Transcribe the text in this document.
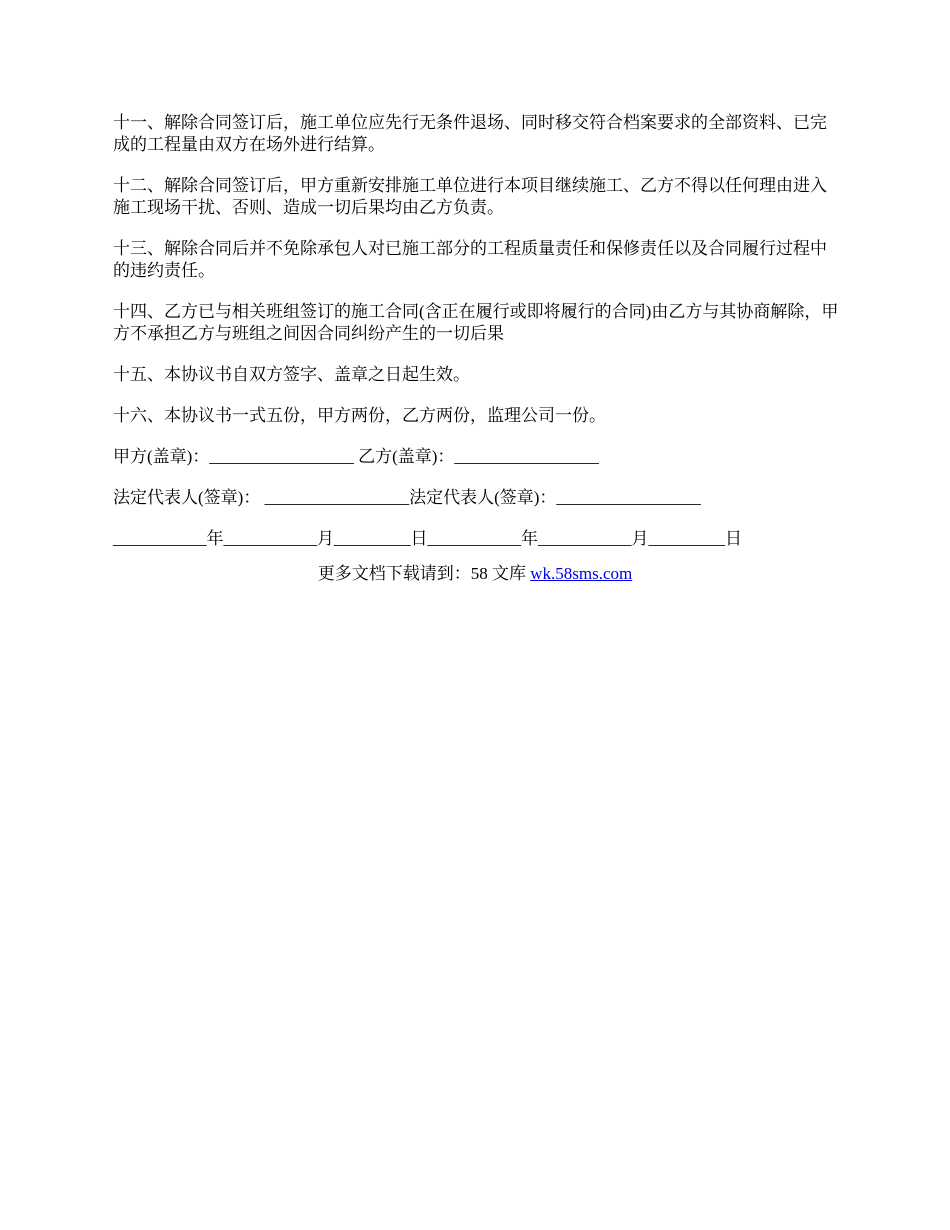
十一、解除合同签订后，施工单位应先行无条件退场、同时移交符合档案要求的全部资料、已完成的工程量由双方在场外进行结算。

十二、解除合同签订后，甲方重新安排施工单位进行本项目继续施工、乙方不得以任何理由进入施工现场干扰、否则、造成一切后果均由乙方负责。

十三、解除合同后并不免除承包人对已施工部分的工程质量责任和保修责任以及合同履行过程中的违约责任。

十四、乙方已与相关班组签订的施工合同(含正在履行或即将履行的合同)由乙方与其协商解除，甲方不承担乙方与班组之间因合同纠纷产生的一切后果

十五、本协议书自双方签字、盖章之日起生效。

十六、本协议书一式五份，甲方两份，乙方两份，监理公司一份。

甲方(盖章)：_________________ 乙方(盖章)：_________________
法定代表人(签章)： _________________法定代表人(签章)：_________________
___________年___________月_________日___________年___________月_________日
更多文档下载请到：58 文库 wk.58sms.com
